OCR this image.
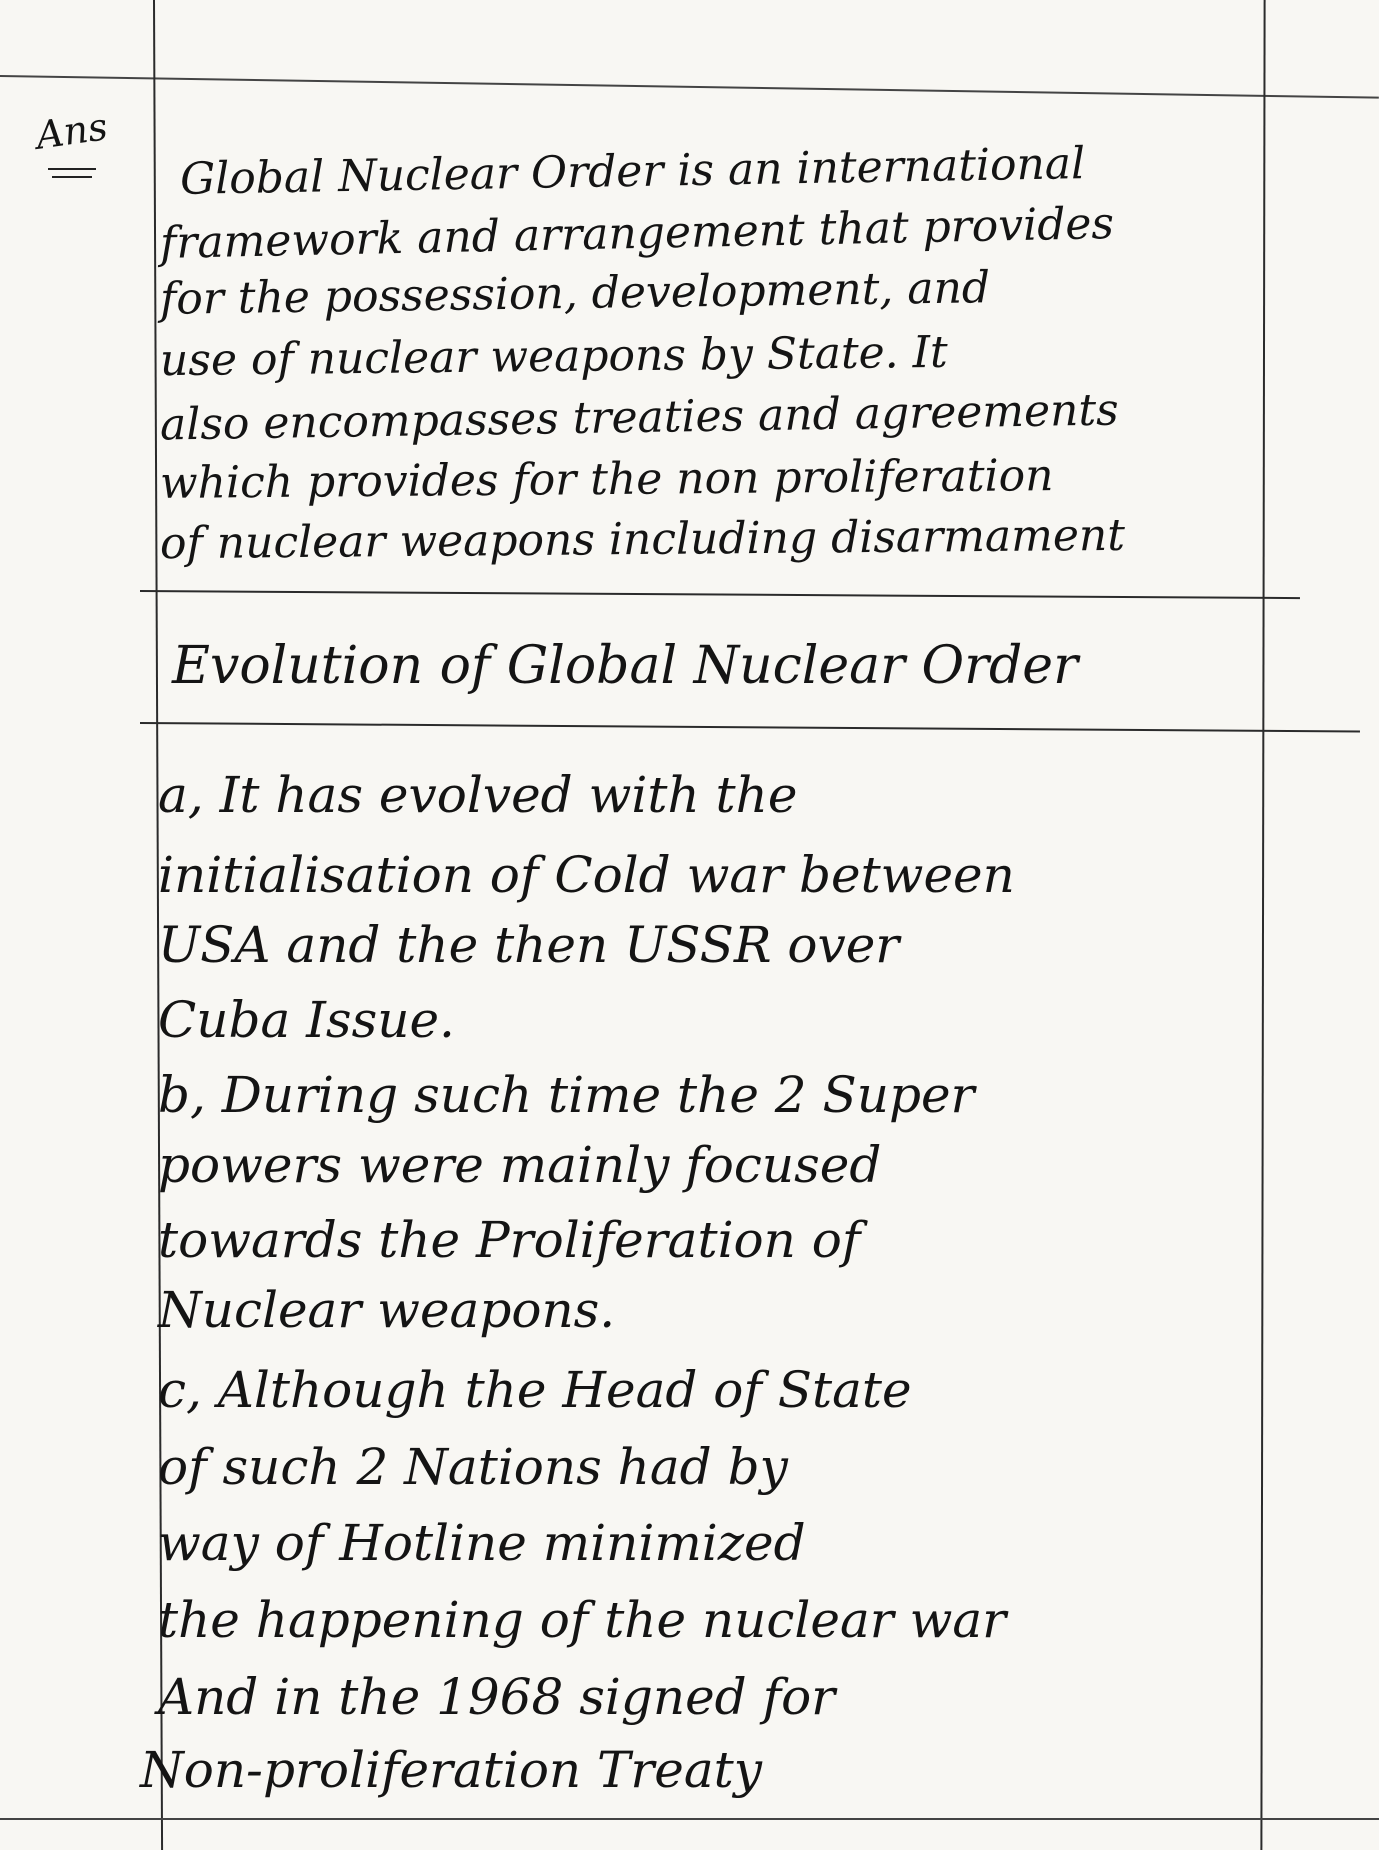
Ans
Global Nuclear Order is an international
framework and arrangement that provides
for the possession, development, and
use of nuclear weapons by State. It
also encompasses treaties and agreements
which provides for the non proliferation
of nuclear weapons including disarmament
Evolution of Global Nuclear Order
a, It has evolved with the
initialisation of Cold war between
USA and the then USSR over
Cuba Issue.
b, During such time the 2 Super
powers were mainly focused
towards the Proliferation of
Nuclear weapons.
c, Although the Head of State
of such 2 Nations had by
way of Hotline minimized
the happening of the nuclear war
And in the 1968 signed for
Non-proliferation Treaty
